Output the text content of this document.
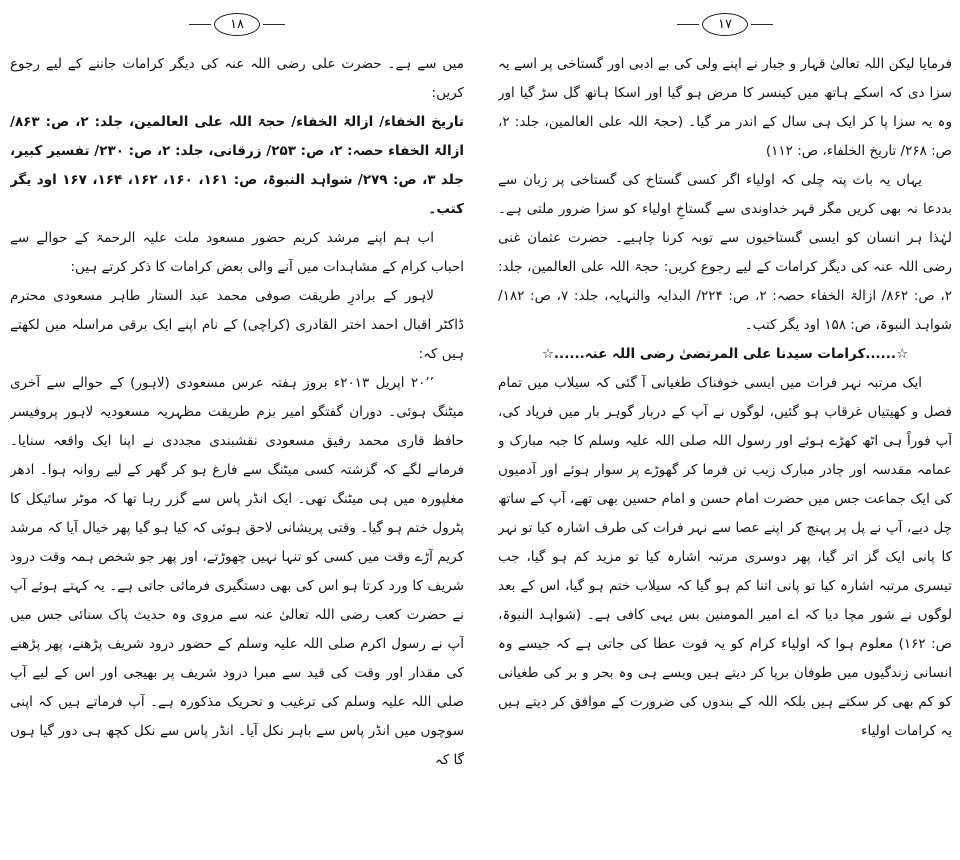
۱۸

میں سے ہے۔ حضرت علی رضی اللہ عنہ کی دیگر کرامات جاننے کے لیے رجوع کریں:

تاریخ الخفاء/ ازالۃ الخفاء/ حجۃ اللہ علی العالمین، جلد: ۲، ص: ۸۶۳/ ازالۃ الخفاء حصہ: ۲، ص: ۲۵۳/ زرقانی، جلد: ۲، ص: ۲۳۰/ تفسیر کبیر، جلد ۳، ص: ۲۷۹/ شواہد النبوۃ، ص: ۱۶۱، ۱۶۰، ۱۶۲، ۱۶۴، ۱۶۷ اود یگر کتب۔

اب ہم اپنے مرشد کریم حضور مسعود ملت علیہ الرحمۃ کے حوالے سے احباب کرام کے مشاہدات میں آنے والی بعض کرامات کا ذکر کرتے ہیں:

لاہور کے برادرِ طریقت صوفی محمد عبد الستار طاہر مسعودی محترم ڈاکٹر اقبال احمد اختر القادری (کراچی) کے نام اپنے ایک برقی مراسلہ میں لکھتے ہیں کہ:

’’۲۰ اپریل ۲۰۱۳ء بروز ہفتہ عرس مسعودی (لاہور) کے حوالے سے آخری میٹنگ ہوئی۔ دوران گفتگو امیر بزم طریقت مظہریہ مسعودیہ لاہور پروفیسر حافظ قاری محمد رفیق مسعودی نقشبندی مجددی نے اپنا ایک واقعہ سنایا۔ فرمانے لگے کہ گزشتہ کسی میٹنگ سے فارغ ہو کر گھر کے لیے روانہ ہوا۔ ادھر مغلپورہ میں ہی میٹنگ تھی۔ ایک انڈر پاس سے گزر رہا تھا کہ موٹر سائیکل کا پٹرول ختم ہو گیا۔ وقتی پریشانی لاحق ہوئی کہ کیا ہو گیا پھر خیال آیا کہ مرشد کریم آڑے وقت میں کسی کو تنہا نہیں چھوڑتے، اور پھر جو شخص ہمہ وقت درود شریف کا ورد کرتا ہو اس کی بھی دستگیری فرمائی جاتی ہے۔ یہ کہتے ہوئے آپ نے حضرت کعب رضی اللہ تعالیٰ عنہ سے مروی وہ حدیث پاک سنائی جس میں آپ نے رسول اکرم صلی اللہ علیہ وسلم کے حضور درود شریف پڑھنے، پھر پڑھنے کی مقدار اور وقت کی قید سے مبرا درود شریف پر بھیجی اور اس کے لیے آپ صلی اللہ علیہ وسلم کی ترغیب و تحریک مذکورہ ہے۔ آپ فرماتے ہیں کہ اپنی سوچوں میں انڈر پاس سے باہر نکل آیا۔ انڈر پاس سے نکل کچھ ہی دور گیا ہوں گا کہ

۱۷

فرمایا لیکن اللہ تعالیٰ قہار و جبار نے اپنے ولی کی بے ادبی اور گستاخی پر اسے یہ سزا دی کہ اسکے ہاتھ میں کینسر کا مرض ہو گیا اور اسکا ہاتھ گل سڑ گیا اور وہ یہ سزا پا کر ایک ہی سال کے اندر مر گیا۔ (حجۃ اللہ علی العالمین، جلد: ۲، ص: ۲۶۸/ تاریخ الخلفاء، ص: ۱۱۲)

یہاں یہ بات پتہ چلی کہ اولیاء اگر کسی گستاخ کی گستاخی پر زبان سے بددعا نہ بھی کریں مگر قہر خداوندی سے گستاخِ اولیاء کو سزا ضرور ملتی ہے۔ لہٰذا ہر انسان کو ایسی گستاخیوں سے توبہ کرنا چاہیے۔ حضرت عثمان غنی رضی اللہ عنہ کی دیگر کرامات کے لیے رجوع کریں: حجۃ اللہ علی العالمین، جلد: ۲، ص: ۸۶۲/ ازالۃ الخفاء حصہ: ۲، ص: ۲۲۴/ البدایہ والنہایہ، جلد: ۷، ص: ۱۸۲/ شواہد النبوۃ، ص: ۱۵۸ اود یگر کتب۔

☆......کرامات سیدنا علی المرتضیٰ رضی اللہ عنہ......☆

ایک مرتبہ نہر فرات میں ایسی خوفناک طغیانی آ گئی کہ سیلاب میں تمام فصل و کھیتیاں غرقاب ہو گئیں، لوگوں نے آپ کے دربار گوہر بار میں فریاد کی، آپ فوراً ہی اٹھ کھڑے ہوئے اور رسول اللہ صلی اللہ علیہ وسلم کا جبہ مبارک و عمامہ مقدسہ اور چادر مبارک زیب تن فرما کر گھوڑے پر سوار ہوئے اور آدمیوں کی ایک جماعت جس میں حضرت امام حسن و امام حسین بھی تھے، آپ کے ساتھ چل دیے، آپ نے پل پر پہنچ کر اپنے عصا سے نہر فرات کی طرف اشارہ کیا تو نہر کا پانی ایک گز اتر گیا، پھر دوسری مرتبہ اشارہ کیا تو مزید کم ہو گیا، جب تیسری مرتبہ اشارہ کیا تو پانی اتنا کم ہو گیا کہ سیلاب ختم ہو گیا، اس کے بعد لوگوں نے شور مچا دیا کہ اے امیر المومنین بس یہی کافی ہے۔ (شواہد النبوۃ، ص: ۱۶۲) معلوم ہوا کہ اولیاء کرام کو یہ قوت عطا کی جاتی ہے کہ جیسے وہ انسانی زندگیوں میں طوفان برپا کر دیتے ہیں ویسے ہی وہ بحر و بر کی طغیانی کو کم بھی کر سکتے ہیں بلکہ اللہ کے بندوں کی ضرورت کے موافق کر دیتے ہیں یہ کرامات اولیاء
